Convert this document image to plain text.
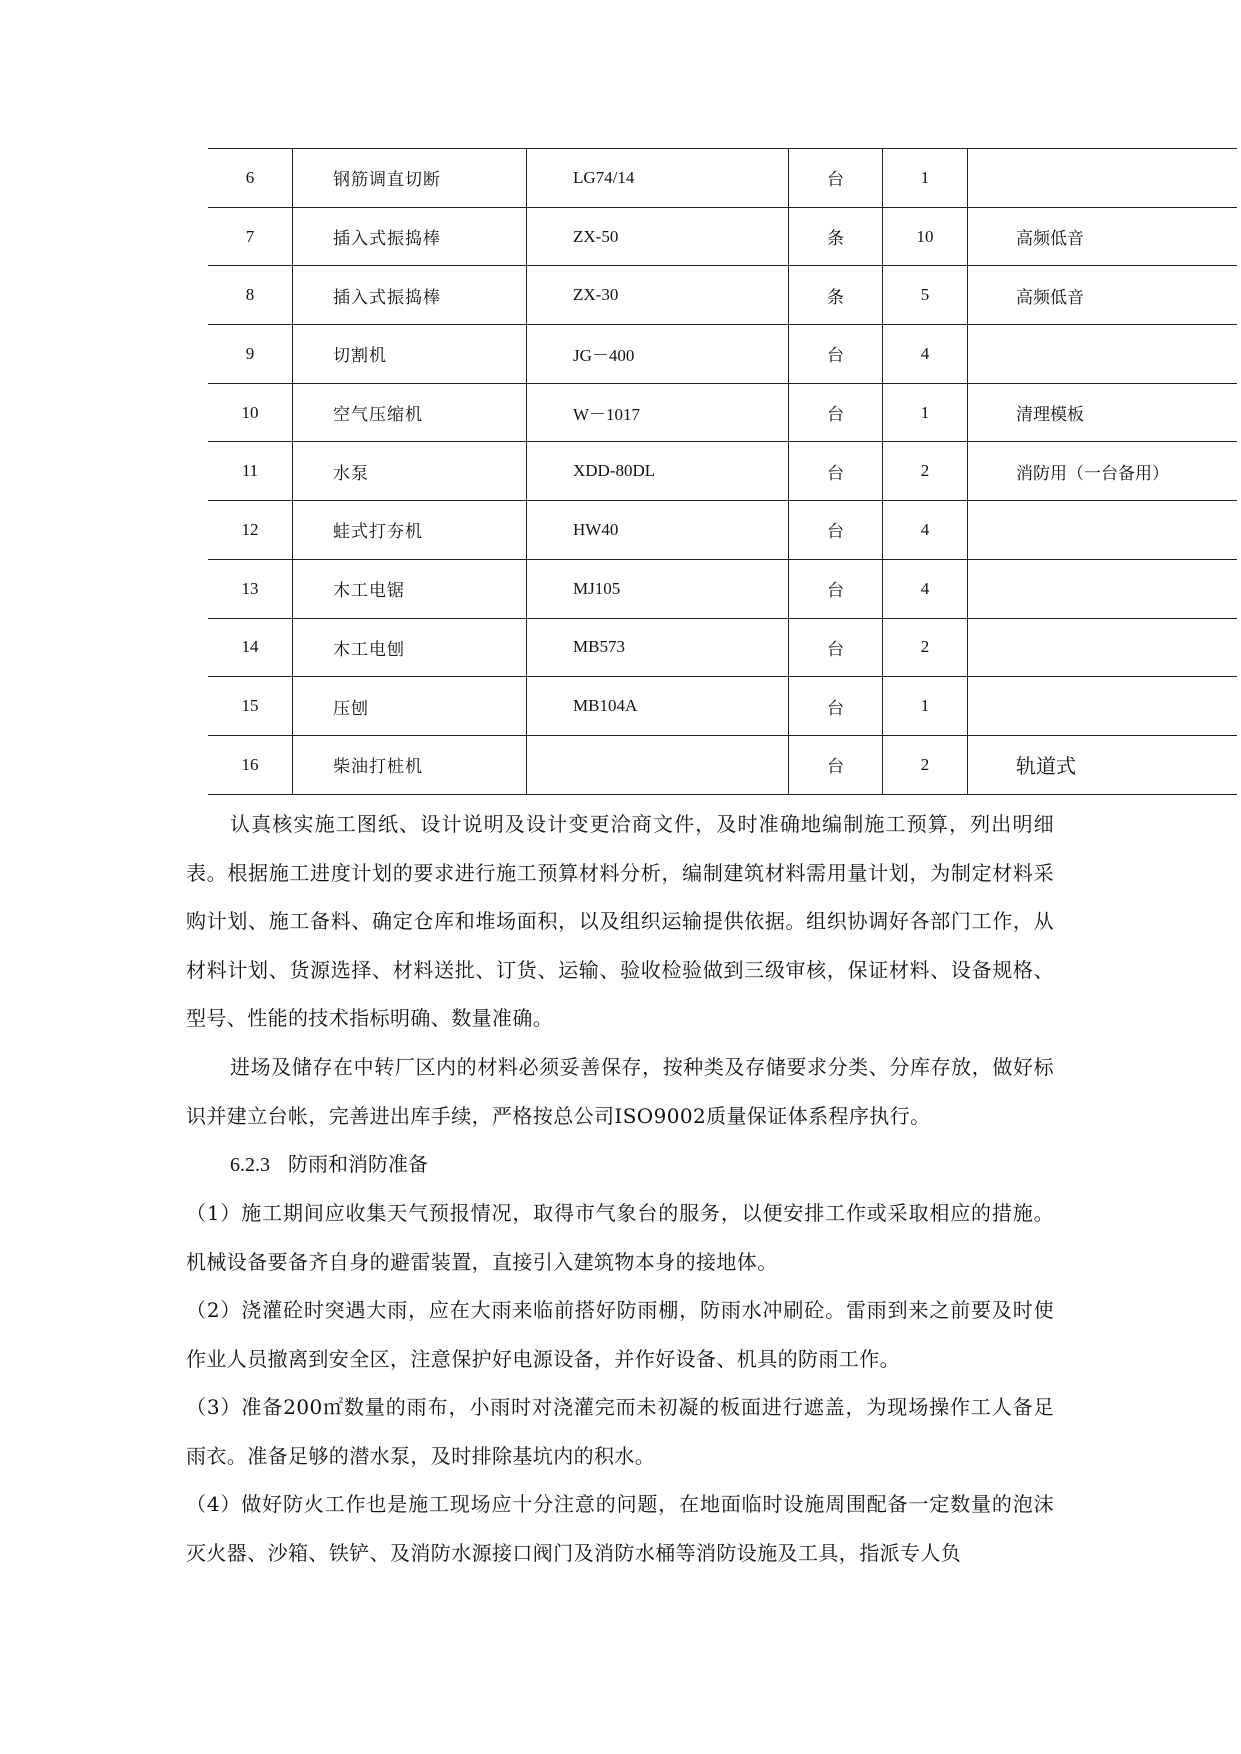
6	钢筋调直切断	LG74/14	台	1	
7	插入式振捣棒	ZX-50	条	10	高频低音
8	插入式振捣棒	ZX-30	条	5	高频低音
9	切割机	JG－400	台	4	
10	空气压缩机	W－1017	台	1	清理模板
11	水泵	XDD-80DL	台	2	消防用（一台备用）
12	蛙式打夯机	HW40	台	4	
13	木工电锯	MJ105	台	4	
14	木工电刨	MB573	台	2	
15	压刨	MB104A	台	1	
16	柴油打桩机		台	2	轨道式

认真核实施工图纸、设计说明及设计变更洽商文件，及时准确地编制施工预算，列出明细表。根据施工进度计划的要求进行施工预算材料分析，编制建筑材料需用量计划，为制定材料采购计划、施工备料、确定仓库和堆场面积，以及组织运输提供依据。组织协调好各部门工作，从材料计划、货源选择、材料送批、订货、运输、验收检验做到三级审核，保证材料、设备规格、型号、性能的技术指标明确、数量准确。

进场及储存在中转厂区内的材料必须妥善保存，按种类及存储要求分类、分库存放，做好标识并建立台帐，完善进出库手续，严格按总公司ISO9002质量保证体系程序执行。

6.2.3 防雨和消防准备

（1）施工期间应收集天气预报情况，取得市气象台的服务，以便安排工作或采取相应的措施。机械设备要备齐自身的避雷装置，直接引入建筑物本身的接地体。

（2）浇灌砼时突遇大雨，应在大雨来临前搭好防雨棚，防雨水冲刷砼。雷雨到来之前要及时使作业人员撤离到安全区，注意保护好电源设备，并作好设备、机具的防雨工作。

（3）准备200㎡数量的雨布，小雨时对浇灌完而未初凝的板面进行遮盖，为现场操作工人备足雨衣。准备足够的潜水泵，及时排除基坑内的积水。

（4）做好防火工作也是施工现场应十分注意的问题，在地面临时设施周围配备一定数量的泡沫灭火器、沙箱、铁铲、及消防水源接口阀门及消防水桶等消防设施及工具，指派专人负
